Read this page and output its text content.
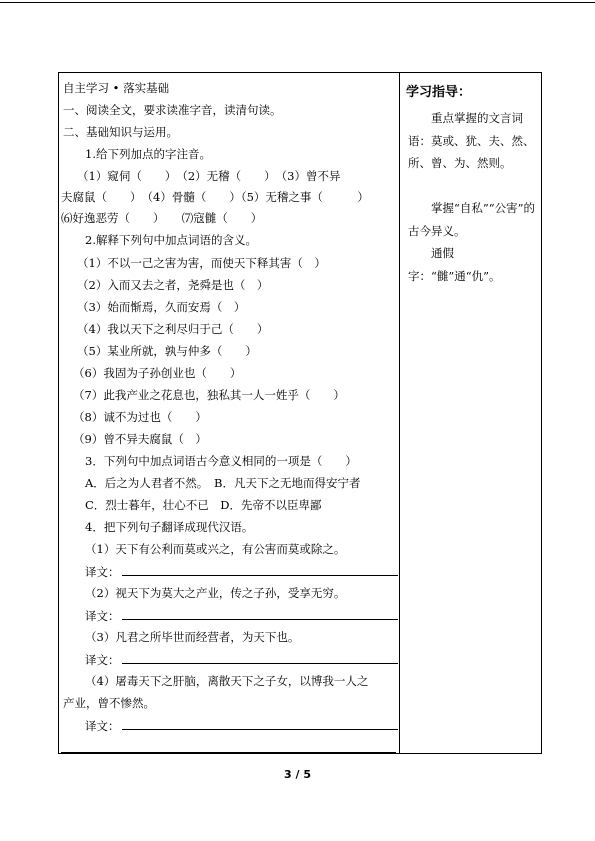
自主学习 • 落实基础
一、阅读全文，要求读准字音，读清句读。
二、基础知识与运用。
1.给下列加点的字注音。
（1）窥伺（　　）　（2）无稽（　　）　（3）曾不异
夫腐鼠（　　）　（4）骨髓（　　）（5）无稽之事（　　　）
⑹好逸恶劳（　　）　　⑺寇雠（　　）
2.解释下列句中加点词语的含义。
（1）不以一己之害为害，而使天下释其害（　）
（2）入而又去之者，尧舜是也（　）
（3）始而惭焉，久而安焉（　）
（4）我以天下之利尽归于己（　　）
（5）某业所就，孰与仲多（　　）
（6）我固为子孙创业也（　　）
（7）此我产业之花息也，独私其一人一姓乎（　　）
（8）诚不为过也（　　）
（9）曾不异夫腐鼠（　）
3．下列句中加点词语古今意义相同的一项是（　　）
A．后之为人君者不然。　B．凡天下之无地而得安宁者
C．烈士暮年，壮心不已　D．先帝不以臣卑鄙
4．把下列句子翻译成现代汉语。
（1）天下有公利而莫或兴之，有公害而莫或除之。
译文：
（2）视天下为莫大之产业，传之子孙，受享无穷。
译文：
（3）凡君之所毕世而经营者，为天下也。
译文：
（4）屠毒天下之肝脑，离散天下之子女，以博我一人之
产业，曾不惨然。
译文：
学习指导：
重点掌握的文言词语：莫或、犹、夫、然、所、曾、为、然则。
掌握“自私”“公害”的古今异义。
通假字：“雠”通“仇”。
3 / 5
